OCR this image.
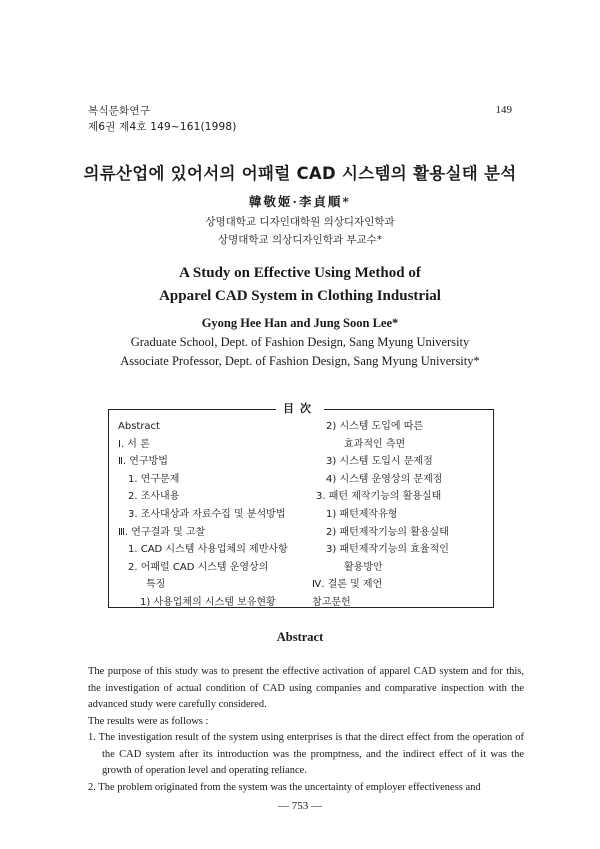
복식문화연구
제6권 제4호 149~161(1998)
149
의류산업에 있어서의 어패럴 CAD 시스템의 활용실태 분석
韓敬姬·李貞順*
상명대학교 디자인대학원 의상디자인학과
상명대학교 의상디자인학과 부교수*
A Study on Effective Using Method of
Apparel CAD System in Clothing Industrial
Gyong Hee Han and Jung Soon Lee*
Graduate School, Dept. of Fashion Design, Sang Myung University
Associate Professor, Dept. of Fashion Design, Sang Myung University*
目次
Abstract
Ⅰ. 서 론
Ⅱ. 연구방법
1. 연구문제
2. 조사내용
3. 조사대상과 자료수집 및 분석방법
Ⅲ. 연구결과 및 고찰
1. CAD 시스템 사용업체의 제반사항
2. 어패럴 CAD 시스템 운영상의
특징
1) 사용업체의 시스템 보유현황
2) 시스템 도입에 따른
효과적인 측면
3) 시스템 도입시 문제점
4) 시스템 운영상의 문제점
3. 패턴 제작기능의 활용실태
1) 패턴제작유형
2) 패턴제작기능의 활용실태
3) 패턴제작기능의 효율적인
활용방안
Ⅳ. 결론 및 제언
참고문헌
Abstract

The purpose of this study was to present the effective activation of apparel CAD system and for this, the investigation of actual condition of CAD using companies and comparative inspection with the advanced study were carefully considered.

The results were as follows :

1. The investigation result of the system using enterprises is that the direct effect from the operation of the CAD system after its introduction was the promptness, and the indirect effect of it was the growth of operation level and operating reliance.

2. The problem originated from the system was the uncertainty of employer effectiveness and

— 753 —
